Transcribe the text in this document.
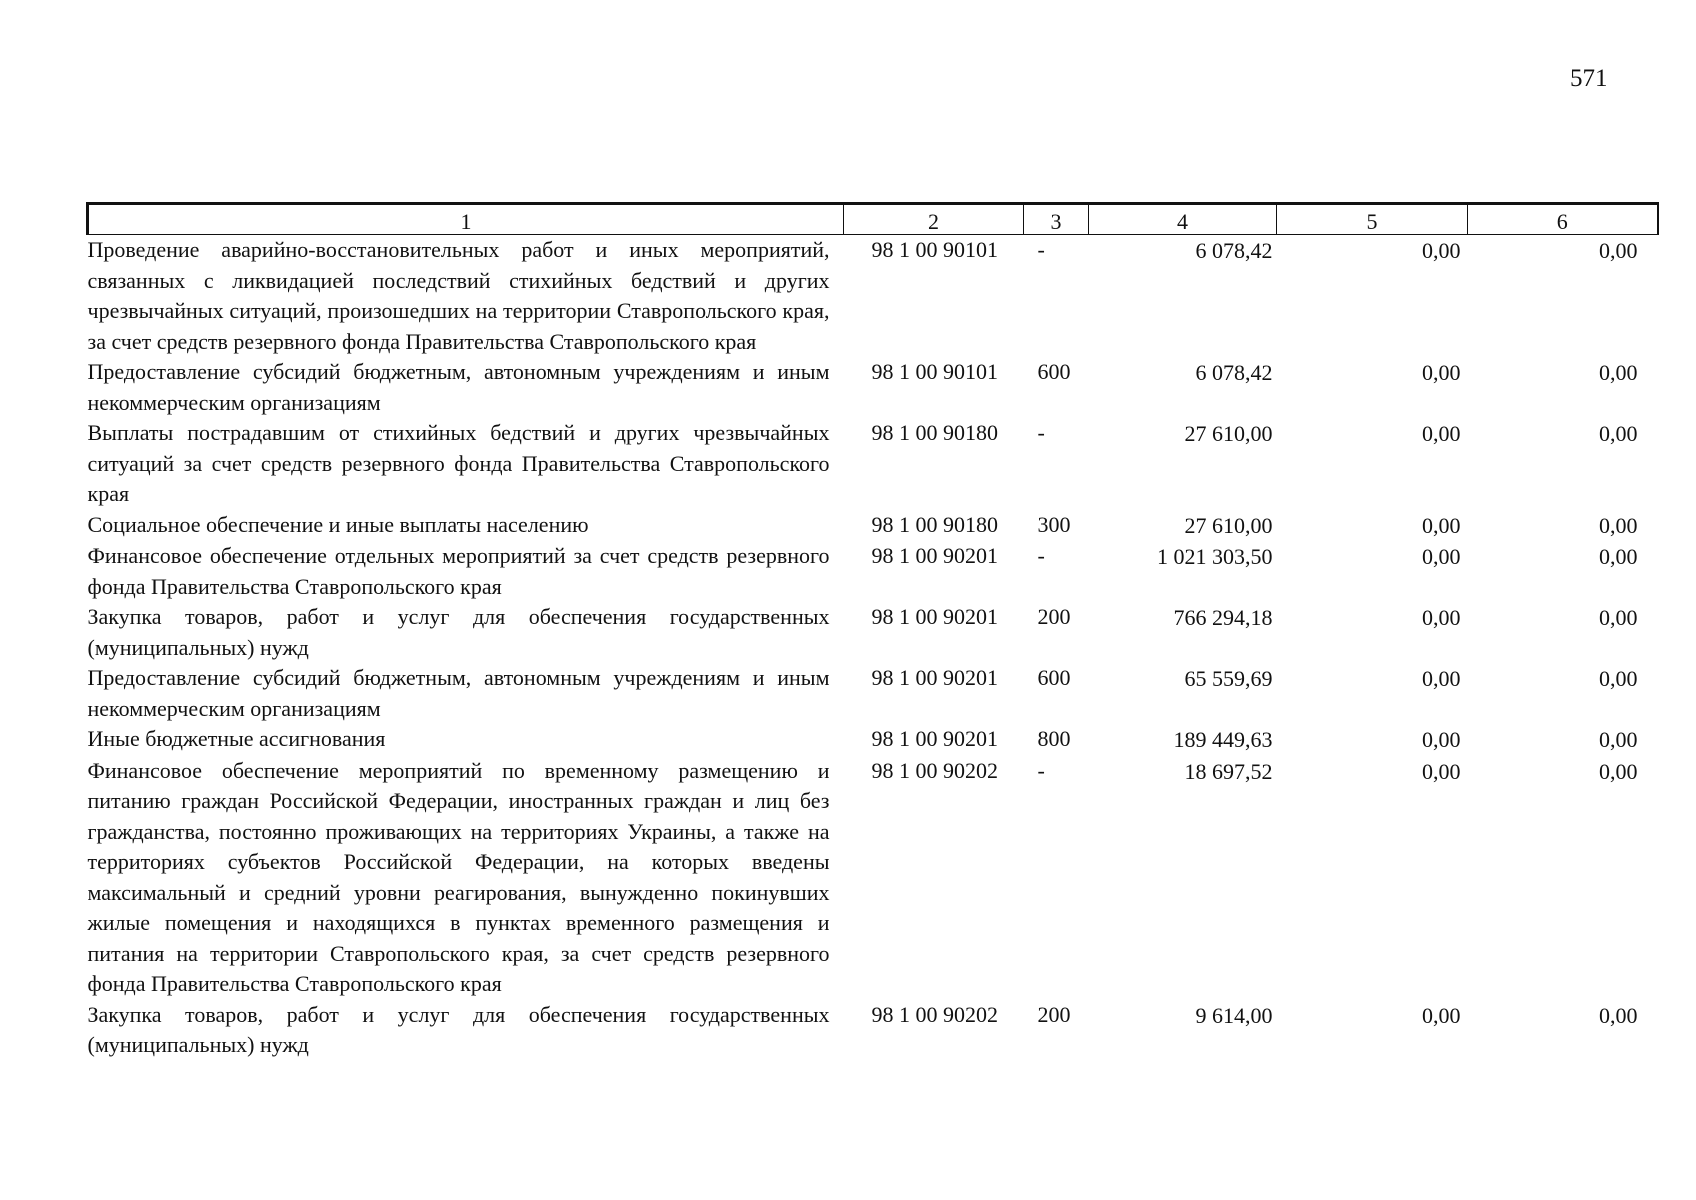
571
1	2	3	4	5	6
Проведение аварийно-восстановительных работ и иных мероприятий, связанных с ликвидацией последствий стихийных бедствий и других чрезвычайных ситуаций, произошедших на территории Ставропольского края, за счет средств резервного фонда Правительства Ставропольского края	98 1 00 90101	-	6 078,42	0,00	0,00
Предоставление субсидий бюджетным, автономным учреждениям и иным некоммерческим организациям	98 1 00 90101	600	6 078,42	0,00	0,00
Выплаты пострадавшим от стихийных бедствий и других чрезвычайных ситуаций за счет средств резервного фонда Правительства Ставропольского края	98 1 00 90180	-	27 610,00	0,00	0,00
Социальное обеспечение и иные выплаты населению	98 1 00 90180	300	27 610,00	0,00	0,00
Финансовое обеспечение отдельных мероприятий за счет средств резервного фонда Правительства Ставропольского края	98 1 00 90201	-	1 021 303,50	0,00	0,00
Закупка товаров, работ и услуг для обеспечения государственных (муниципальных) нужд	98 1 00 90201	200	766 294,18	0,00	0,00
Предоставление субсидий бюджетным, автономным учреждениям и иным некоммерческим организациям	98 1 00 90201	600	65 559,69	0,00	0,00
Иные бюджетные ассигнования	98 1 00 90201	800	189 449,63	0,00	0,00
Финансовое обеспечение мероприятий по временному размещению и питанию граждан Российской Федерации, иностранных граждан и лиц без гражданства, постоянно проживающих на территориях Украины, а также на территориях субъектов Российской Федерации, на которых введены максимальный и средний уровни реагирования, вынужденно покинувших жилые помещения и находящихся в пунктах временного размещения и питания на территории Ставропольского края, за счет средств резервного фонда Правительства Ставропольского края	98 1 00 90202	-	18 697,52	0,00	0,00
Закупка товаров, работ и услуг для обеспечения государственных (муниципальных) нужд	98 1 00 90202	200	9 614,00	0,00	0,00
